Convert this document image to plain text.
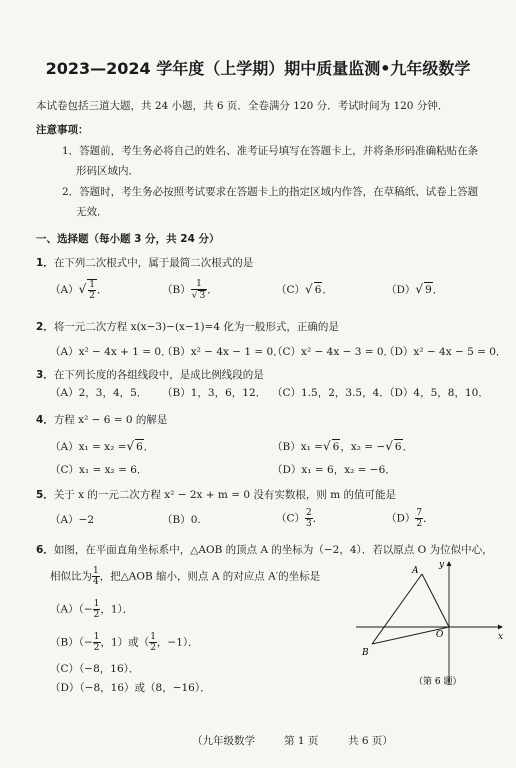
2023—2024 学年度（上学期）期中质量监测•九年级数学
本试卷包括三道大题，共 24 小题，共 6 页．全卷满分 120 分．考试时间为 120 分钟．
注意事项：
1．答题前，考生务必将自己的姓名、准考证号填写在答题卡上，并将条形码准确粘贴在条
形码区域内．
2．答题时，考生务必按照考试要求在答题卡上的指定区域内作答，在草稿纸、试卷上答题
无效．
一、选择题（每小题 3 分，共 24 分）
1．在下列二次根式中，属于最简二次根式的是
$(A)√ \frac{1}{2}$ ．	$(B) \frac{1}{√ 3}$ ．	（C）√ 6．	（D）√ 9．
2．将一元二次方程 x(x−3)−(x−1)=4 化为一般形式，正确的是
（A）x² − 4x + 1 = 0．
（B）x² − 4x − 1 = 0．
（C）x² − 4x − 3 = 0．
（D）x² − 4x − 5 = 0．
3．在下列长度的各组线段中，是成比例线段的是
（A）2，3，4，5． （B）1，3，6，12． （C）1.5，2，3.5，4．
（D）4，5，8，10．
4．方程 x² − 6 = 0 的解是
（A）x₁ = x₂ =√ 6．	（B）x₁ =√ 6，x₂ = −√ 6．
（C）x₁ = x₂ = 6．	（D）x₁ = 6，x₂ = −6．
5．关于 x 的一元二次方程 x² − 2x + m = 0 没有实数根，则 m 的值可能是
（A）−2	（B）0.	$(C) \frac{2}{3}$ ．	$(D) \frac{7}{2}$ ．
6．如图，在平面直角坐标系中，△AOB 的顶点 A 的坐标为（−2，4）．若以原点 O 为位似中心，
相似比为 $\frac{1}{4}$ ，把△AOB 缩小，则点 A 的对应点 A′的坐标是
$(A)(- \frac{1}{2}$ ，1）．
$(B)(- \frac{1}{2}$ ，1）或（ $\frac{1}{2}$ ，−1）．
（C）（−8，16）．
（D）（−8，16）或（8，−16）．
A
B
O	x
y
（第 6 题）
（九年级数学	第 1 页	共 6 页）
